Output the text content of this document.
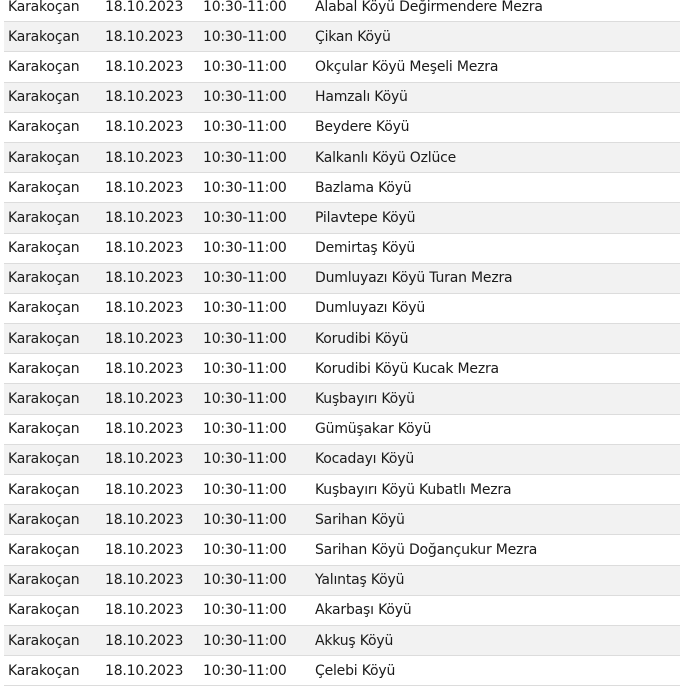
Karakoçan	18.10.2023	10:30-11:00	Alabal Köyü Değirmendere Mezra
Karakoçan	18.10.2023	10:30-11:00	Çikan Köyü
Karakoçan	18.10.2023	10:30-11:00	Okçular Köyü Meşeli Mezra
Karakoçan	18.10.2023	10:30-11:00	Hamzalı Köyü
Karakoçan	18.10.2023	10:30-11:00	Beydere Köyü
Karakoçan	18.10.2023	10:30-11:00	Kalkanlı Köyü Özlüce
Karakoçan	18.10.2023	10:30-11:00	Bazlama Köyü
Karakoçan	18.10.2023	10:30-11:00	Pilavtepe Köyü
Karakoçan	18.10.2023	10:30-11:00	Demirtaş Köyü
Karakoçan	18.10.2023	10:30-11:00	Dumluyazı Köyü Turan Mezra
Karakoçan	18.10.2023	10:30-11:00	Dumluyazı Köyü
Karakoçan	18.10.2023	10:30-11:00	Korudibi Köyü
Karakoçan	18.10.2023	10:30-11:00	Korudibi Köyü Kucak Mezra
Karakoçan	18.10.2023	10:30-11:00	Kuşbayırı Köyü
Karakoçan	18.10.2023	10:30-11:00	Gümüşakar Köyü
Karakoçan	18.10.2023	10:30-11:00	Kocadayı Köyü
Karakoçan	18.10.2023	10:30-11:00	Kuşbayırı Köyü Kubatlı Mezra
Karakoçan	18.10.2023	10:30-11:00	Sarihan Köyü
Karakoçan	18.10.2023	10:30-11:00	Sarihan Köyü Doğançukur Mezra
Karakoçan	18.10.2023	10:30-11:00	Yalıntaş Köyü
Karakoçan	18.10.2023	10:30-11:00	Akarbaşı Köyü
Karakoçan	18.10.2023	10:30-11:00	Akkuş Köyü
Karakoçan	18.10.2023	10:30-11:00	Çelebi Köyü
